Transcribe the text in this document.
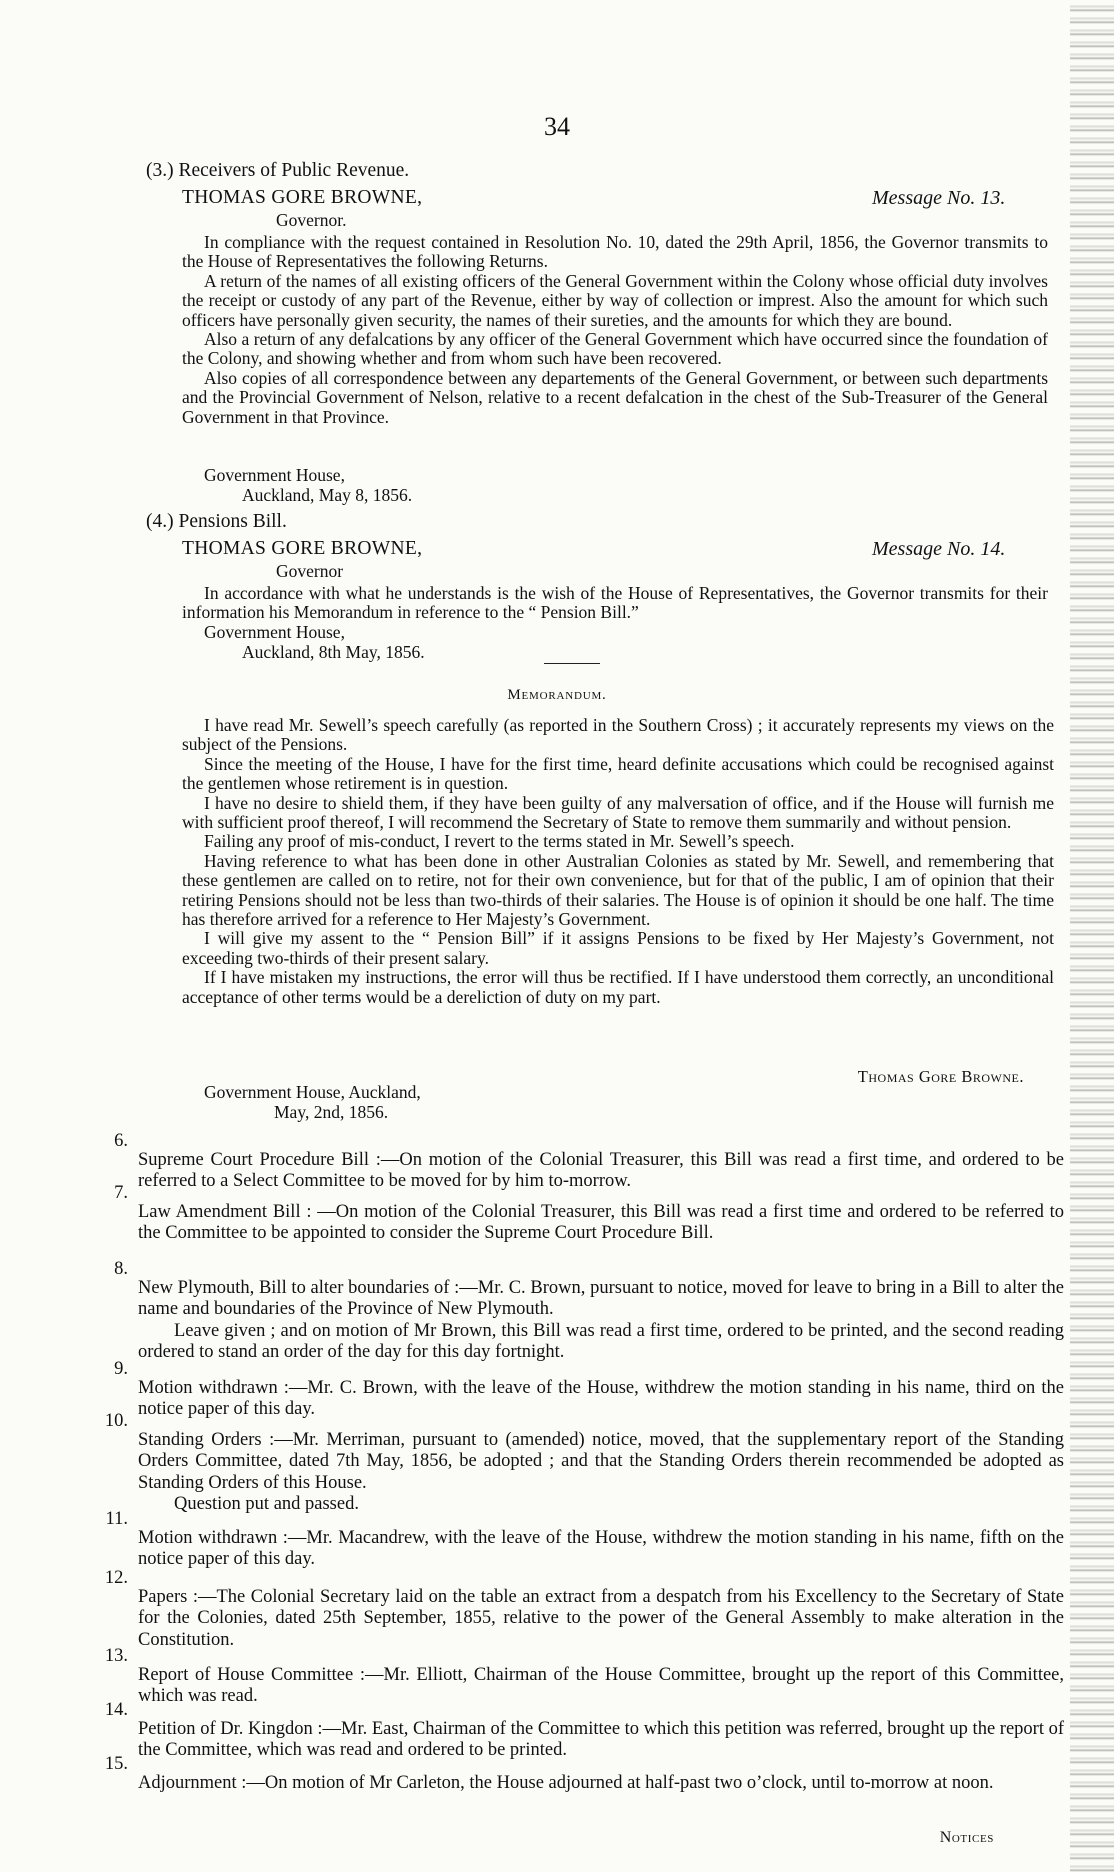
34
(3.) Receivers of Public Revenue.
THOMAS GORE BROWNE,	Message No. 13.
Governor.

In compliance with the request contained in Resolution No. 10, dated the 29th April, 1856, the Governor transmits to the House of Representatives the following Returns.

A return of the names of all existing officers of the General Government within the Colony whose official duty involves the receipt or custody of any part of the Revenue, either by way of collection or imprest. Also the amount for which such officers have personally given security, the names of their sureties, and the amounts for which they are bound.

Also a return of any defalcations by any officer of the General Government which have occurred since the foundation of the Colony, and showing whether and from whom such have been recovered.

Also copies of all correspondence between any departements of the General Government, or between such departments and the Provincial Government of Nelson, relative to a recent defalcation in the chest of the Sub-Treasurer of the General Government in that Province.

Government House,
Auckland, May 8, 1856.
(4.) Pensions Bill.
THOMAS GORE BROWNE,	Message No. 14.
Governor

In accordance with what he understands is the wish of the House of Representatives, the Governor transmits for their information his Memorandum in reference to the “ Pension Bill.”

Government House,
Auckland, 8th May, 1856.
Memorandum.

I have read Mr. Sewell’s speech carefully (as reported in the Southern Cross) ; it accurately represents my views on the subject of the Pensions.

Since the meeting of the House, I have for the first time, heard definite accusations which could be recognised against the gentlemen whose retirement is in question.

I have no desire to shield them, if they have been guilty of any malversation of office, and if the House will furnish me with sufficient proof thereof, I will recommend the Secretary of State to remove them summarily and without pension.

Failing any proof of mis-conduct, I revert to the terms stated in Mr. Sewell’s speech.

Having reference to what has been done in other Australian Colonies as stated by Mr. Sewell, and remembering that these gentlemen are called on to retire, not for their own convenience, but for that of the public, I am of opinion that their retiring Pensions should not be less than two-thirds of their salaries. The House is of opinion it should be one half. The time has therefore arrived for a reference to Her Majesty’s Government.

I will give my assent to the “ Pension Bill” if it assigns Pensions to be fixed by Her Majesty’s Government, not exceeding two-thirds of their present salary.

If I have mistaken my instructions, the error will thus be rectified. If I have understood them correctly, an unconditional acceptance of other terms would be a dereliction of duty on my part.

Thomas Gore Browne.
Government House, Auckland,
May, 2nd, 1856.
6.

Supreme Court Procedure Bill :—On motion of the Colonial Treasurer, this Bill was read a first time, and ordered to be referred to a Select Committee to be moved for by him to-morrow.

7.

Law Amendment Bill : —On motion of the Colonial Treasurer, this Bill was read a first time and ordered to be referred to the Committee to be appointed to consider the Supreme Court Procedure Bill.

8.

New Plymouth, Bill to alter boundaries of :—Mr. C. Brown, pursuant to notice, moved for leave to bring in a Bill to alter the name and boundaries of the Province of New Plymouth.
Leave given ; and on motion of Mr Brown, this Bill was read a first time, ordered to be printed, and the second reading ordered to stand an order of the day for this day fortnight.

9.

Motion withdrawn :—Mr. C. Brown, with the leave of the House, withdrew the motion standing in his name, third on the notice paper of this day.

10.

Standing Orders :—Mr. Merriman, pursuant to (amended) notice, moved, that the supplementary report of the Standing Orders Committee, dated 7th May, 1856, be adopted ; and that the Standing Orders therein recommended be adopted as Standing Orders of this House.
Question put and passed.

11.

Motion withdrawn :—Mr. Macandrew, with the leave of the House, withdrew the motion standing in his name, fifth on the notice paper of this day.

12.

Papers :—The Colonial Secretary laid on the table an extract from a despatch from his Excellency to the Secretary of State for the Colonies, dated 25th September, 1855, relative to the power of the General Assembly to make alteration in the Constitution.

13.

Report of House Committee :—Mr. Elliott, Chairman of the House Committee, brought up the report of this Committee, which was read.

14.

Petition of Dr. Kingdon :—Mr. East, Chairman of the Committee to which this petition was referred, brought up the report of the Committee, which was read and ordered to be printed.

15.

Adjournment :—On motion of Mr Carleton, the House adjourned at half-past two o’clock, until to-morrow at noon.

Notices
